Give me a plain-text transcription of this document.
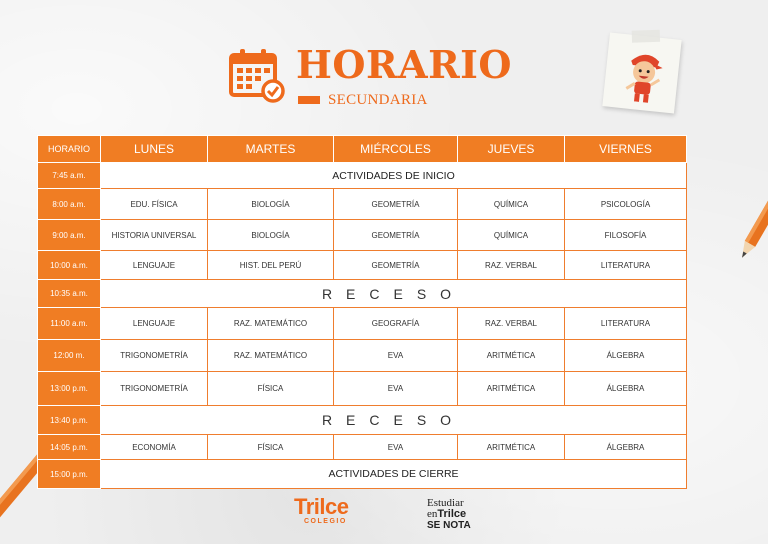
HORARIO
SECUNDARIA
HORARIO	LUNES	MARTES	MIÉRCOLES	JUEVES	VIERNES
7:45 a.m.	ACTIVIDADES DE INICIO				
8:00 a.m.	EDU. FÍSICA	BIOLOGÍA	GEOMETRÍA	QUÍMICA	PSICOLOGÍA
9:00 a.m.	HISTORIA UNIVERSAL	BIOLOGÍA	GEOMETRÍA	QUÍMICA	FILOSOFÍA
10:00 a.m.	LENGUAJE	HIST. DEL PERÚ	GEOMETRÍA	RAZ. VERBAL	LITERATURA
10:35 a.m.	RECESO				
11:00 a.m.	LENGUAJE	RAZ. MATEMÁTICO	GEOGRAFÍA	RAZ. VERBAL	LITERATURA
12:00 m.	TRIGONOMETRÍA	RAZ. MATEMÁTICO	EVA	ARITMÉTICA	ÁLGEBRA
13:00 p.m.	TRIGONOMETRÍA	FÍSICA	EVA	ARITMÉTICA	ÁLGEBRA
13:40 p.m.	RECESO				
14:05 p.m.	ECONOMÍA	FÍSICA	EVA	ARITMÉTICA	ÁLGEBRA
15:00 p.m.	ACTIVIDADES DE CIERRE				
Trilce
COLEGIO
Estudiar
enTrilce
SE NOTA
